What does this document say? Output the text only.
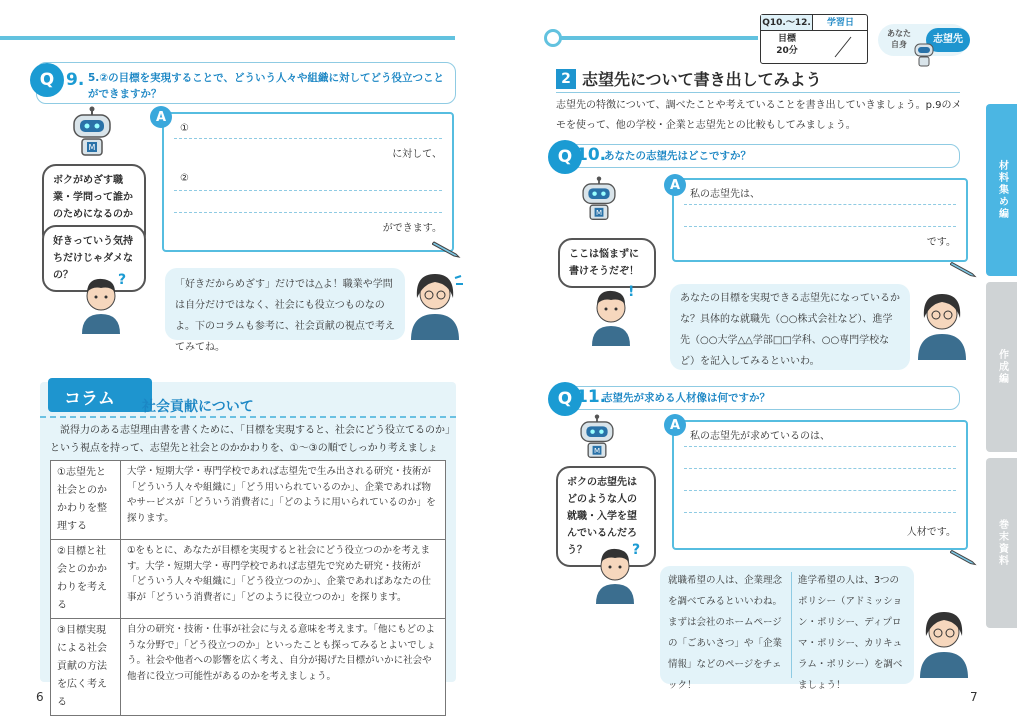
Q 9. 5.②の目標を実現することで、どういう人々や組織に対してどう役立つことができますか？
M
ボクがめざす職業・学問って誰かのためになるのか
好きっていう気持ちだけじゃダメなの？	?
①
に対して、
②
ができます。
A
「好きだからめざす」だけでは△よ！職業や学問は自分だけではなく、社会にも役立つものなのよ。下のコラムも参考に、社会貢献の視点で考えてみてね。
コラム 社会貢献について
説得力のある志望理由書を書くために、「目標を実現すると、社会にどう役立てるのか」という視点を持って、志望先と社会とのかかわりを、①～③の順でしっかり考えましょ
①志望先と社会とのかかわりを整理する	大学・短期大学・専門学校であれば志望先で生み出される研究・技術が「どういう人々や組織に」「どう用いられているのか」、企業であれば物やサービスが「どういう消費者に」「どのように用いられているのか」を探ります。
②目標と社会とのかかわりを考える	①をもとに、あなたが目標を実現すると社会にどう役立つのかを考えます。大学・短期大学・専門学校であれば志望先で究めた研究・技術が「どういう人々や組織に」「どう役立つのか」、企業であればあなたの仕事が「どういう消費者に」「どのように役立つのか」を探ります。
③目標実現による社会貢献の方法を広く考える	自分の研究・技術・仕事が社会に与える意味を考えます。「他にもどのような分野で」「どう役立つのか」といったことも探ってみるとよいでしょう。社会や他者への影響を広く考え、自分が掲げた目標がいかに社会や他者に役立つ可能性があるのかを考えましょう。
6
Q10.～12.
目標
20分
学習日
あなた自身	志望先
2 志望先について書き出してみよう
志望先の特徴について、調べたことや考えていることを書き出していきましょう。p.9のメモを使って、他の学校・企業と志望先との比較もしてみましょう。
Q 10.
あなたの志望先はどこですか？
M
ここは悩まずに書けそうだぞ！
!
私の志望先は、
です。
A
あなたの目標を実現できる志望先になっているかな？具体的な就職先（○○株式会社など）、進学先（○○大学△△学部□□学科、○○専門学校など）を記入してみるといいわ。
Q 11.
志望先が求める人材像は何ですか？
M
ボクの志望先はどのような人の就職・入学を望んでいるんだろう？	?
私の志望先が求めているのは、
人材です。
A
就職希望の人は、企業理念を調べてみるといいわね。まずは会社のホームページの「ごあいさつ」や「企業情報」などのページをチェック！
進学希望の人は、3つのポリシー（アドミッション・ポリシー、ディプロマ・ポリシー、カリキュラム・ポリシー）を調べましょう！
材料集め編
作成編
巻末資料
7
